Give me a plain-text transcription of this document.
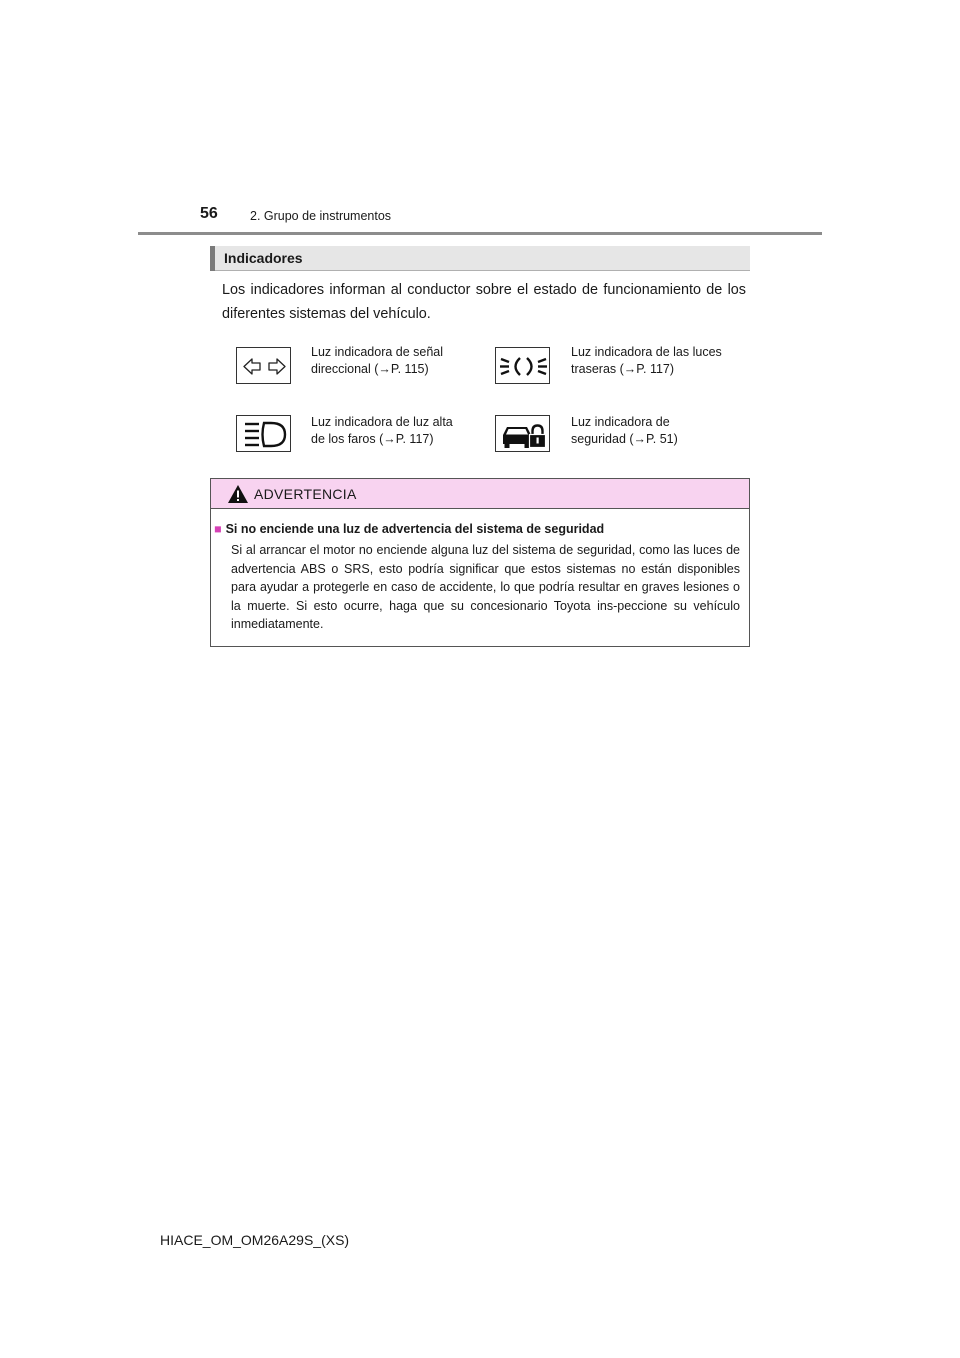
56	2. Grupo de instrumentos
Indicadores
Los indicadores informan al conductor sobre el estado de funcionamiento de los diferentes sistemas del vehículo.
Luz indicadora de señal
direccional (→P. 115)
Luz indicadora de las luces
traseras (→P. 117)
Luz indicadora de luz alta
de los faros (→P. 117)
Luz indicadora de
seguridad (→P. 51)
ADVERTENCIA
■ Si no enciende una luz de advertencia del sistema de seguridad
Si al arrancar el motor no enciende alguna luz del sistema de seguridad, como las luces de advertencia ABS o SRS, esto podría significar que estos sistemas no están disponibles para ayudar a protegerle en caso de accidente, lo que podría resultar en graves lesiones o la muerte. Si esto ocurre, haga que su concesionario Toyota ins-peccione su vehículo inmediatamente.
HIACE_OM_OM26A29S_(XS)
